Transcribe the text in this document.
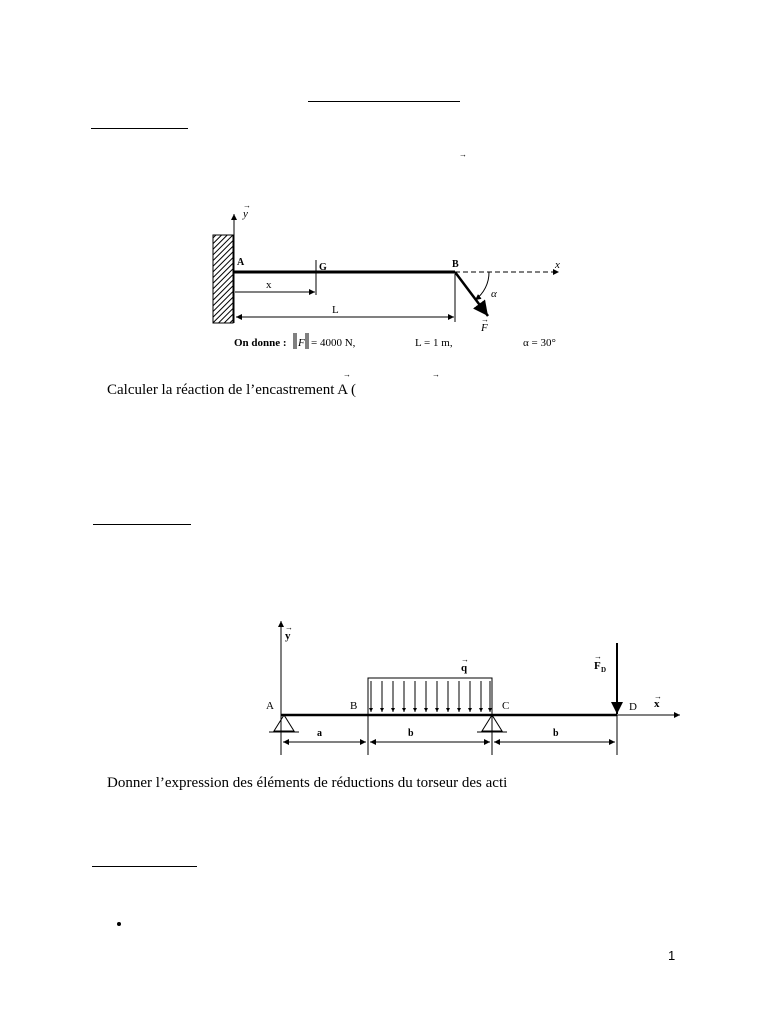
→
y
→
x
A	G	B
x
L
α
F
→
On donne : F = 4000 N,	L = 1 m,	α = 30°
→	→
Calculer la réaction de l’encastrement A (
y
→
x
→
A	B	C	D
q
→
F D
→
a	b	b
Donner l’expression des éléments de réductions du torseur des acti
1
